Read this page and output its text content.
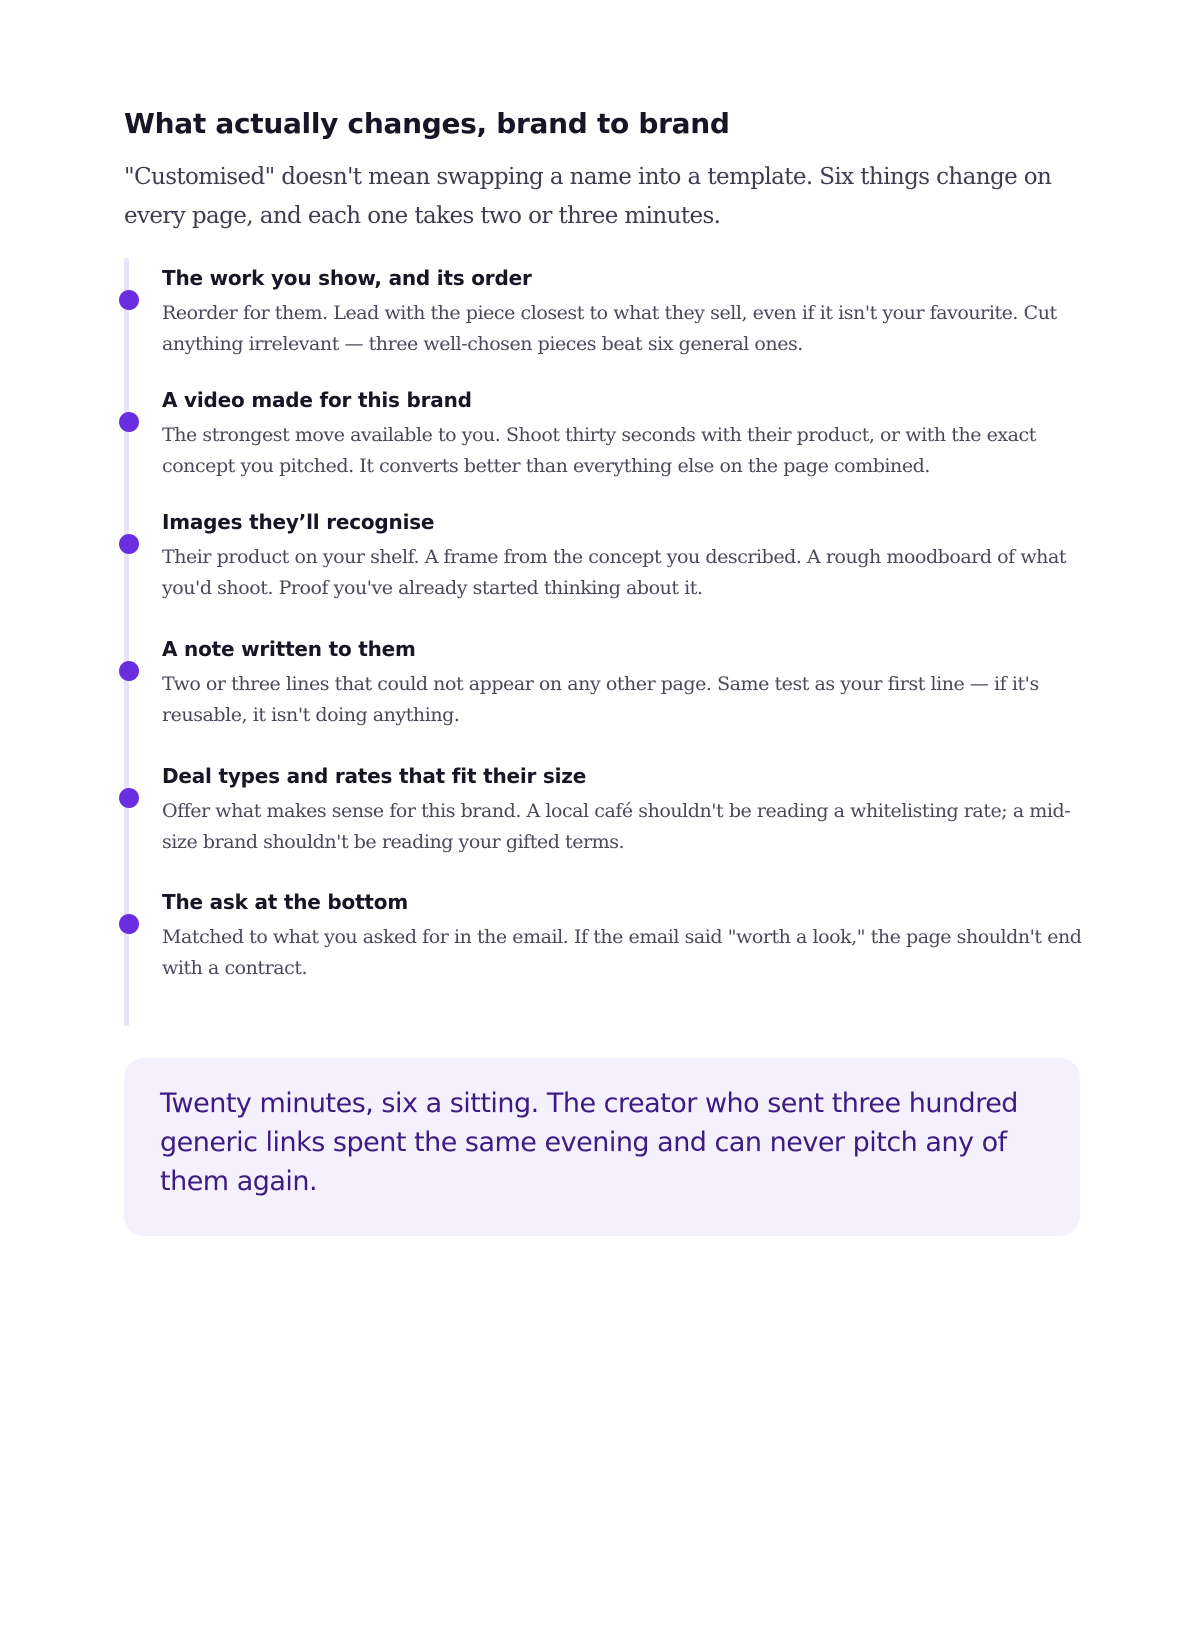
What actually changes, brand to brand

"Customised" doesn't mean swapping a name into a template. Six things change on every page, and each one takes two or three minutes.

The work you show, and its order

Reorder for them. Lead with the piece closest to what they sell, even if it isn't your favourite. Cut anything irrelevant — three well-chosen pieces beat six general ones.

A video made for this brand

The strongest move available to you. Shoot thirty seconds with their product, or with the exact concept you pitched. It converts better than everything else on the page combined.

Images they’ll recognise

Their product on your shelf. A frame from the concept you described. A rough moodboard of what you'd shoot. Proof you've already started thinking about it.

A note written to them

Two or three lines that could not appear on any other page. Same test as your first line — if it's reusable, it isn't doing anything.

Deal types and rates that fit their size

Offer what makes sense for this brand. A local café shouldn't be reading a whitelisting rate; a mid-size brand shouldn't be reading your gifted terms.

The ask at the bottom

Matched to what you asked for in the email. If the email said "worth a look," the page shouldn't end with a contract.

Twenty minutes, six a sitting. The creator who sent three hundred generic links spent the same evening and can never pitch any of them again.
